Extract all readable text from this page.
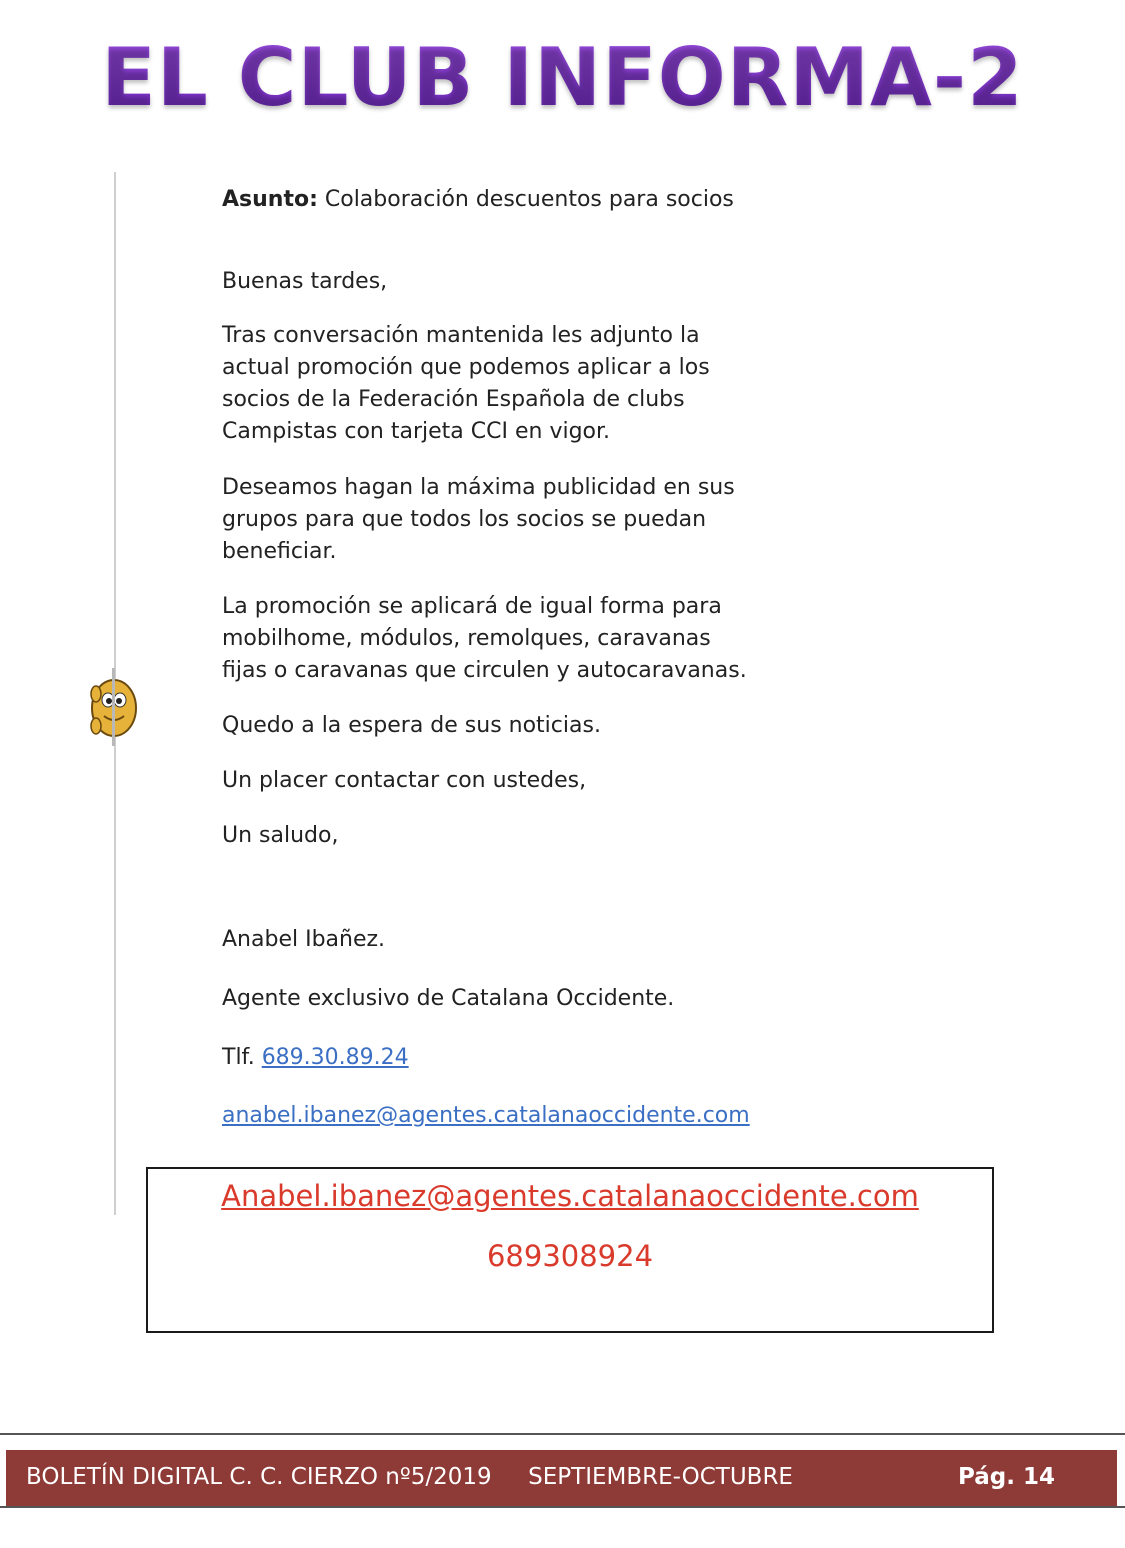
EL CLUB INFORMA-2

Asunto: Colaboración descuentos para socios

Buenas tardes,

Tras conversación mantenida les adjunto la

actual promoción que podemos aplicar a los

socios de la Federación Española de clubs

Campistas con tarjeta CCI en vigor.

Deseamos hagan la máxima publicidad en sus

grupos para que todos los socios se puedan

beneficiar.

La promoción se aplicará de igual forma para

mobilhome, módulos, remolques, caravanas

fijas o caravanas que circulen y autocaravanas.

Quedo a la espera de sus noticias.

Un placer contactar con ustedes,

Un saludo,

Anabel Ibañez.

Agente exclusivo de Catalana Occidente.

Tlf. 689.30.89.24

anabel.ibanez@agentes.catalanaoccidente.com

Anabel.ibanez@agentes.catalanaoccidente.com
689308924
BOLETÍN DIGITAL C. C. CIERZO nº5/2019     SEPTIEMBRE-OCTUBRE	Pág. 14
